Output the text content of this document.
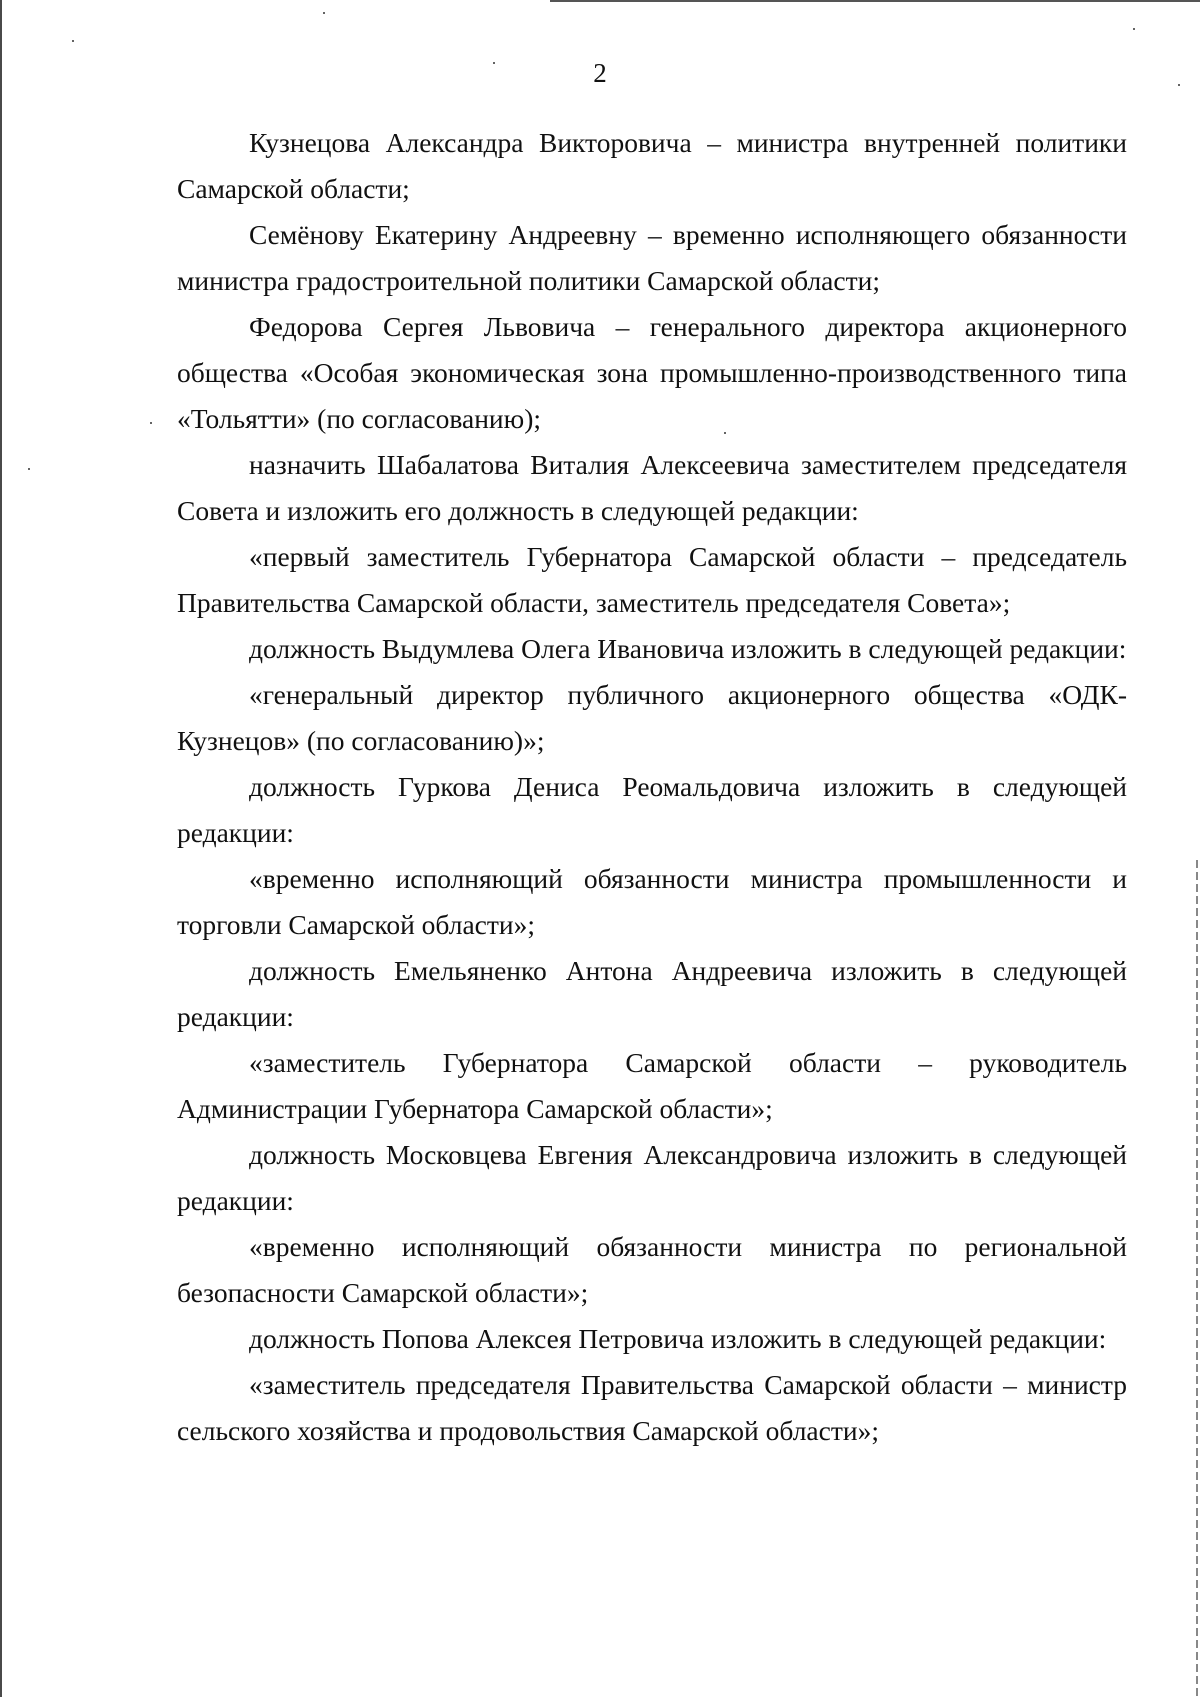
2

Кузнецова Александра Викторовича – министра внутренней политики Самарской области;

Семёнову Екатерину Андреевну – временно исполняющего обязанности министра градостроительной политики Самарской области;

Федорова Сергея Львовича – генерального директора акционерного общества «Особая экономическая зона промышленно-производственного типа «Тольятти» (по согласованию);

назначить Шабалатова Виталия Алексеевича заместителем председателя Совета и изложить его должность в следующей редакции:

«первый заместитель Губернатора Самарской области – председатель Правительства Самарской области, заместитель председателя Совета»;

должность Выдумлева Олега Ивановича изложить в следующей редакции:

«генеральный директор публичного акционерного общества «ОДК-Кузнецов» (по согласованию)»;

должность Гуркова Дениса Реомальдовича изложить в следующей редакции:

«временно исполняющий обязанности министра промышленности и торговли Самарской области»;

должность Емельяненко Антона Андреевича изложить в следующей редакции:

«заместитель Губернатора Самарской области – руководитель Администрации Губернатора Самарской области»;

должность Московцева Евгения Александровича изложить в следующей редакции:

«временно исполняющий обязанности министра по региональной безопасности Самарской области»;

должность Попова Алексея Петровича изложить в следующей редакции:

«заместитель председателя Правительства Самарской области – министр сельского хозяйства и продовольствия Самарской области»;
